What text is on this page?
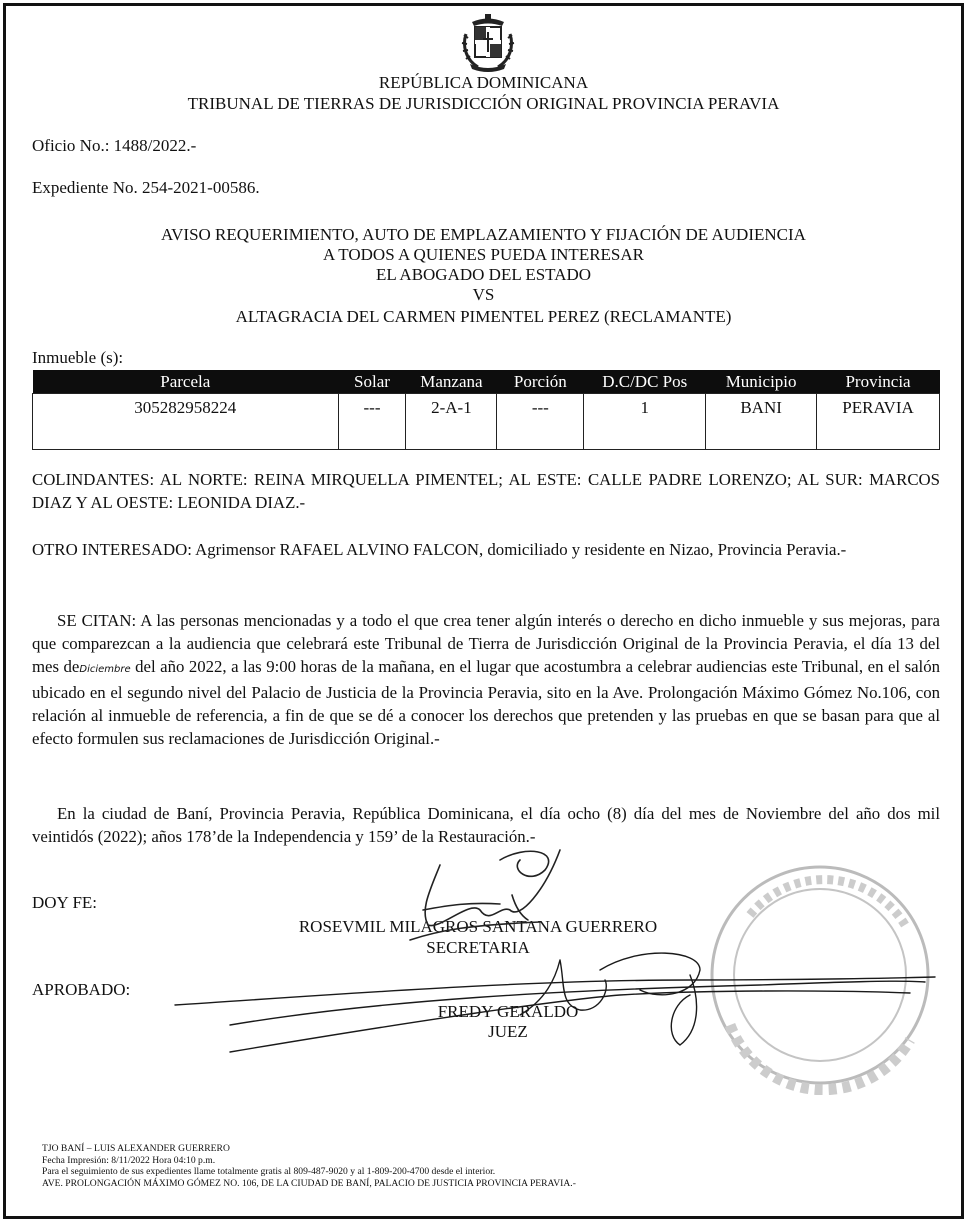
REPÚBLICA DOMINICANA
TRIBUNAL DE TIERRAS DE JURISDICCIÓN ORIGINAL PROVINCIA PERAVIA
Oficio No.: 1488/2022.-
Expediente No. 254-2021-00586.
AVISO REQUERIMIENTO, AUTO DE EMPLAZAMIENTO Y FIJACIÓN DE AUDIENCIA
A TODOS A QUIENES PUEDA INTERESAR
EL ABOGADO DEL ESTADO
VS
ALTAGRACIA DEL CARMEN PIMENTEL PEREZ (RECLAMANTE)
Inmueble (s):
Parcela	Solar	Manzana	Porción	D.C/DC Pos	Municipio	Provincia
305282958224	---	2-A-1	---	1	BANI	PERAVIA
COLINDANTES: AL NORTE: REINA MIRQUELLA PIMENTEL; AL ESTE: CALLE PADRE LORENZO; AL SUR: MARCOS DIAZ Y AL OESTE: LEONIDA DIAZ.-
OTRO INTERESADO: Agrimensor RAFAEL ALVINO FALCON, domiciliado y residente en Nizao, Provincia Peravia.-
SE CITAN: A las personas mencionadas y a todo el que crea tener algún interés o derecho en dicho inmueble y sus mejoras, para que comparezcan a la audiencia que celebrará este Tribunal de Tierra de Jurisdicción Original de la Provincia Peravia, el día 13 del mes deDiciembre del año 2022, a las 9:00 horas de la mañana, en el lugar que acostumbra a celebrar audiencias este Tribunal, en el salón ubicado en el segundo nivel del Palacio de Justicia de la Provincia Peravia, sito en la Ave. Prolongación Máximo Gómez No.106, con relación al inmueble de referencia, a fin de que se dé a conocer los derechos que pretenden y las pruebas en que se basan para que al efecto formulen sus reclamaciones de Jurisdicción Original.-
En la ciudad de Baní, Provincia Peravia, República Dominicana, el día ocho (8) día del mes de Noviembre del año dos mil veintidós (2022); años 178’de la Independencia y 159’ de la Restauración.-
DOY FE:
ROSEVMIL MILAGROS SANTANA GUERRERO
SECRETARIA
APROBADO:
FREDY GERALDO
JUEZ
TJO BANÍ – LUIS ALEXANDER GUERRERO
Fecha Impresión: 8/11/2022 Hora 04:10 p.m.
Para el seguimiento de sus expedientes llame totalmente gratis al 809-487-9020 y al 1-809-200-4700 desde el interior.
AVE. PROLONGACIÓN MÁXIMO GÓMEZ NO. 106, DE LA CIUDAD DE BANÍ, PALACIO DE JUSTICIA PROVINCIA PERAVIA.-
